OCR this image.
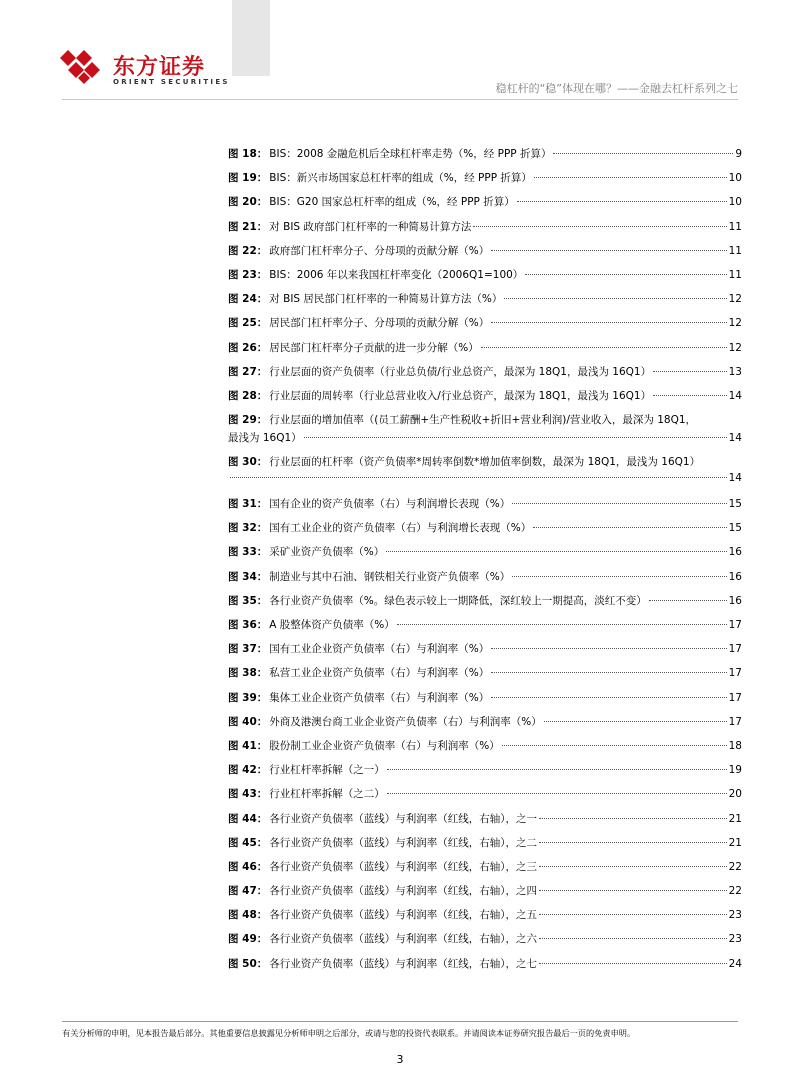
东方证券
ORIENT SECURITIES	稳杠杆的“稳”体现在哪？——金融去杠杆系列之七
图 18： BIS：2008 金融危机后全球杠杆率走势（%，经 PPP 折算）	9
图 19： BIS：新兴市场国家总杠杆率的组成（%，经 PPP 折算）	10
图 20： BIS：G20 国家总杠杆率的组成（%，经 PPP 折算）	10
图 21： 对 BIS 政府部门杠杆率的一种简易计算方法	11
图 22： 政府部门杠杆率分子、分母项的贡献分解（%）	11
图 23： BIS：2006 年以来我国杠杆率变化（2006Q1=100）	11
图 24： 对 BIS 居民部门杠杆率的一种简易计算方法（%）	12
图 25： 居民部门杠杆率分子、分母项的贡献分解（%）	12
图 26： 居民部门杠杆率分子贡献的进一步分解（%）	12
图 27： 行业层面的资产负债率（行业总负债/行业总资产，最深为 18Q1，最浅为 16Q1）	13
图 28： 行业层面的周转率（行业总营业收入/行业总资产，最深为 18Q1，最浅为 16Q1）	14
图 29： 行业层面的增加值率（(员工薪酬+生产性税收+折旧+营业利润)/营业收入，最深为 18Q1，
最浅为 16Q1）	14
图 30： 行业层面的杠杆率（资产负债率*周转率倒数*增加值率倒数，最深为 18Q1，最浅为 16Q1）
14
图 31： 国有企业的资产负债率（右）与利润增长表现（%）	15
图 32： 国有工业企业的资产负债率（右）与利润增长表现（%）	15
图 33： 采矿业资产负债率（%）	16
图 34： 制造业与其中石油、钢铁相关行业资产负债率（%）	16
图 35： 各行业资产负债率（%。绿色表示较上一期降低，深红较上一期提高，淡红不变）	16
图 36： A 股整体资产负债率（%）	17
图 37： 国有工业企业资产负债率（右）与利润率（%）	17
图 38： 私营工业企业资产负债率（右）与利润率（%）	17
图 39： 集体工业企业资产负债率（右）与利润率（%）	17
图 40： 外商及港澳台商工业企业资产负债率（右）与利润率（%）	17
图 41： 股份制工业企业资产负债率（右）与利润率（%）	18
图 42： 行业杠杆率拆解（之一）	19
图 43： 行业杠杆率拆解（之二）	20
图 44： 各行业资产负债率（蓝线）与利润率（红线，右轴），之一	21
图 45： 各行业资产负债率（蓝线）与利润率（红线，右轴），之二	21
图 46： 各行业资产负债率（蓝线）与利润率（红线，右轴），之三	22
图 47： 各行业资产负债率（蓝线）与利润率（红线，右轴），之四	22
图 48： 各行业资产负债率（蓝线）与利润率（红线，右轴），之五	23
图 49： 各行业资产负债率（蓝线）与利润率（红线，右轴），之六	23
图 50： 各行业资产负债率（蓝线）与利润率（红线，右轴），之七	24
有关分析师的申明，见本报告最后部分。其他重要信息披露见分析师申明之后部分，或请与您的投资代表联系。并请阅读本证券研究报告最后一页的免责申明。
3
